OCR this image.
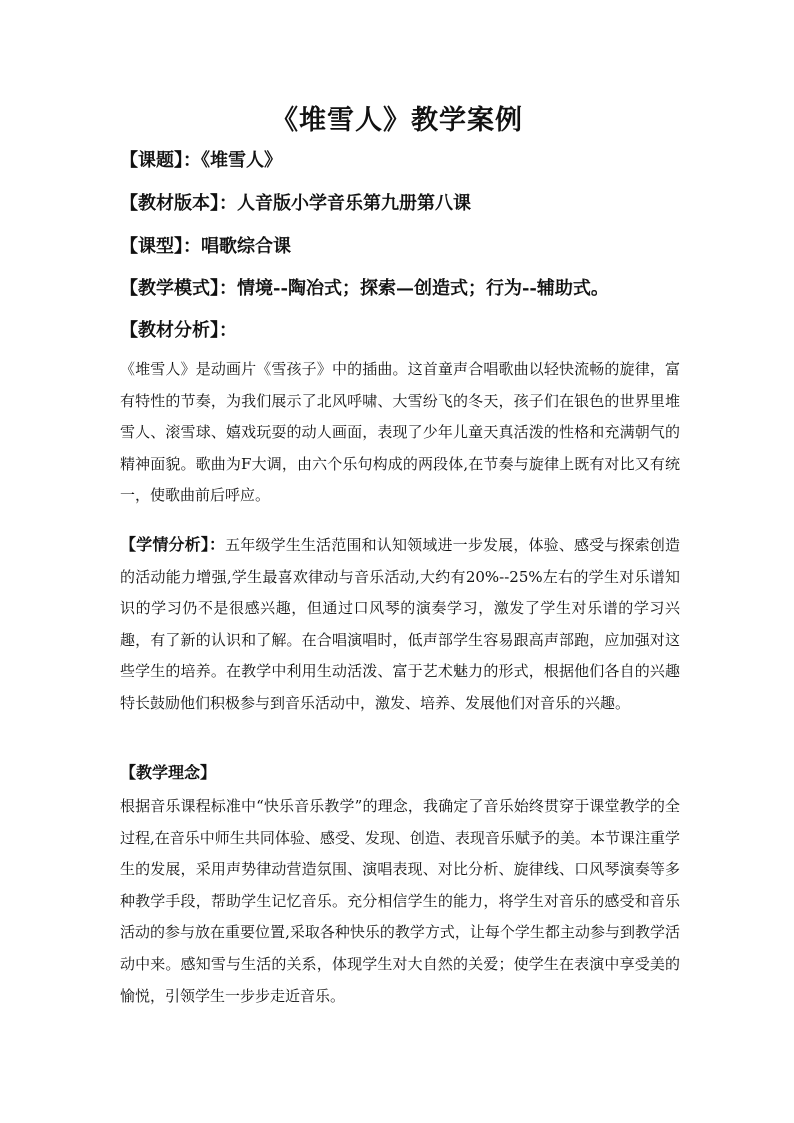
《堆雪人》教学案例
【课题】：《堆雪人》
【教材版本】：人音版小学音乐第九册第八课
【课型】：唱歌综合课
【教学模式】：情境--陶冶式；探索—创造式；行为--辅助式。
【教材分析】：
《堆雪人》是动画片《雪孩子》中的插曲。这首童声合唱歌曲以轻快流畅的旋律，富有特性的节奏，为我们展示了北风呼啸、大雪纷飞的冬天，孩子们在银色的世界里堆雪人、滚雪球、嬉戏玩耍的动人画面，表现了少年儿童天真活泼的性格和充满朝气的精神面貌。歌曲为F大调，由六个乐句构成的两段体,在节奏与旋律上既有对比又有统一，使歌曲前后呼应。
【学情分析】：五年级学生生活范围和认知领域进一步发展，体验、感受与探索创造的活动能力增强,学生最喜欢律动与音乐活动,大约有20%--25%左右的学生对乐谱知识的学习仍不是很感兴趣，但通过口风琴的演奏学习，激发了学生对乐谱的学习兴趣，有了新的认识和了解。在合唱演唱时，低声部学生容易跟高声部跑，应加强对这些学生的培养。在教学中利用生动活泼、富于艺术魅力的形式，根据他们各自的兴趣特长鼓励他们积极参与到音乐活动中，激发、培养、发展他们对音乐的兴趣。
【教学理念】
根据音乐课程标准中“快乐音乐教学”的理念，我确定了音乐始终贯穿于课堂教学的全过程,在音乐中师生共同体验、感受、发现、创造、表现音乐赋予的美。本节课注重学生的发展，采用声势律动营造氛围、演唱表现、对比分析、旋律线、口风琴演奏等多种教学手段，帮助学生记忆音乐。充分相信学生的能力，将学生对音乐的感受和音乐活动的参与放在重要位置,采取各种快乐的教学方式，让每个学生都主动参与到教学活动中来。感知雪与生活的关系，体现学生对大自然的关爱；使学生在表演中享受美的愉悦，引领学生一步步走近音乐。
